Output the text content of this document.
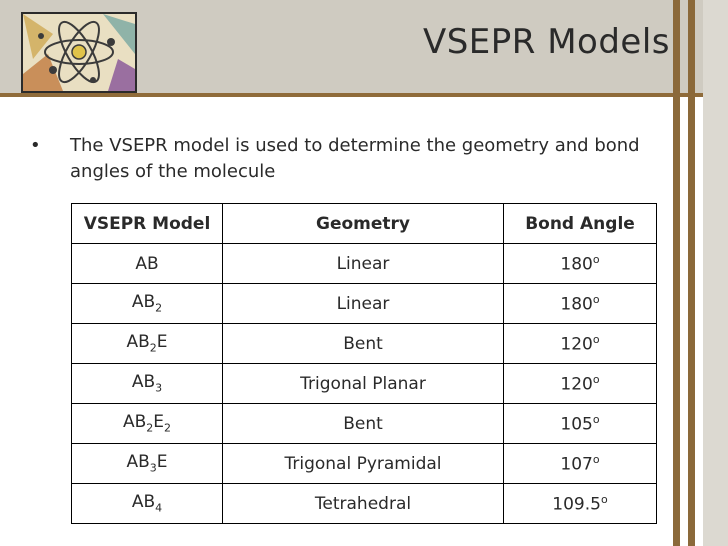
VSEPR Models
•	The VSEPR model is used to determine the geometry and bond angles of the molecule
VSEPR Model	Geometry	Bond Angle
AB	Linear	180$^o$
$AB_2$	Linear	180$^o$
$AB_2E$	Bent	120$^o$
$AB_3$	Trigonal Planar	120$^o$
$AB_2E_2$	Bent	105$^o$
$AB_3E$	Trigonal Pyramidal	107$^o$
$AB_4$	Tetrahedral	109.5$^o$
